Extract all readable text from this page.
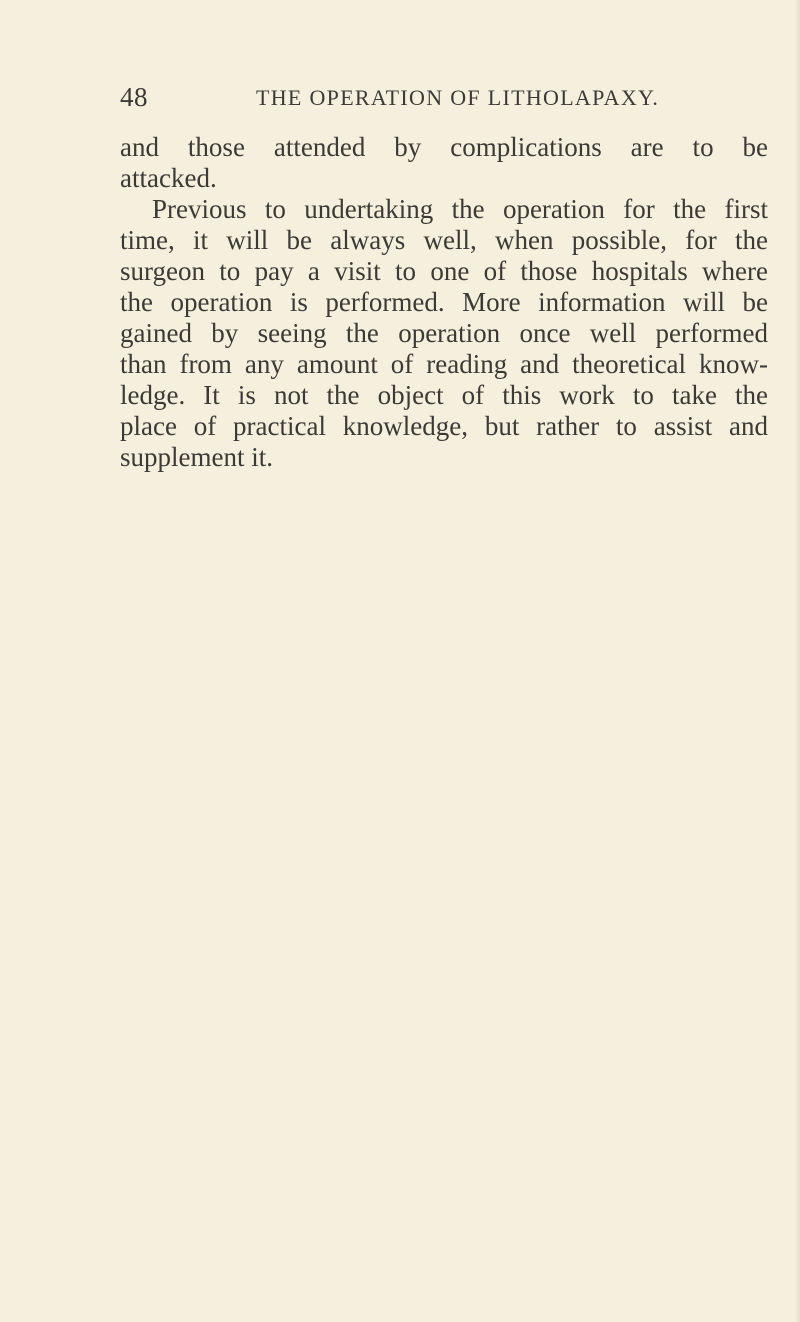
48	THE OPERATION OF LITHOLAPAXY.
and those attended by complications are to be
attacked.
Previous to undertaking the operation for the first
time, it will be always well, when possible, for the
surgeon to pay a visit to one of those hospitals where
the operation is performed. More information will be
gained by seeing the operation once well performed
than from any amount of reading and theoretical know-
ledge. It is not the object of this work to take the
place of practical knowledge, but rather to assist and
supplement it.
